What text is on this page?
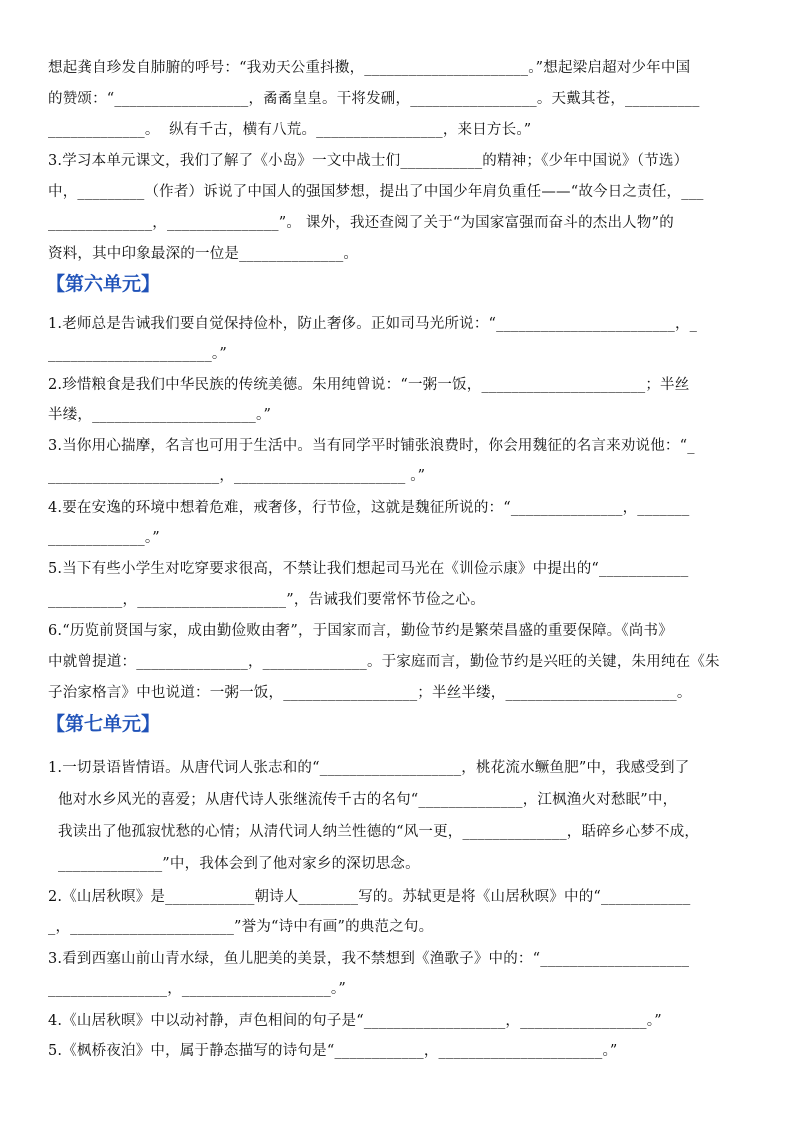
想起龚自珍发自肺腑的呼号：“我劝天公重抖擞，______________________。”想起梁启超对少年中国
的赞颂：“__________________，矞矞皇皇。干将发硎，_________________。天戴其苍，__________
_____________。  纵有千古，横有八荒。_________________，来日方长。”
3.学习本单元课文，我们了解了《小岛》一文中战士们___________的精神；《少年中国说》（节选）
中，_________（作者）诉说了中国人的强国梦想，提出了中国少年肩负重任——“故今日之责任，___
______________，_______________”。 课外，我还查阅了关于“为国家富强而奋斗的杰出人物”的
资料，其中印象最深的一位是______________。
【第六单元】
1.老师总是告诫我们要自觉保持俭朴，防止奢侈。正如司马光所说：“________________________，_
______________________。”
2.珍惜粮食是我们中华民族的传统美德。朱用纯曾说：“一粥一饭，______________________；半丝
半缕，______________________。”
3.当你用心揣摩，名言也可用于生活中。当有同学平时铺张浪费时，你会用魏征的名言来劝说他：“_
_______________________，_______________________ 。”
4.要在安逸的环境中想着危难，戒奢侈，行节俭，这就是魏征所说的：“_______________，_______
_____________。”
5.当下有些小学生对吃穿要求很高，不禁让我们想起司马光在《训俭示康》中提出的“____________
__________，____________________”，告诫我们要常怀节俭之心。
6.“历览前贤国与家，成由勤俭败由奢”，于国家而言，勤俭节约是繁荣昌盛的重要保障。《尚书》
中就曾提道：_______________，______________。于家庭而言，勤俭节约是兴旺的关键，朱用纯在《朱
子治家格言》中也说道：一粥一饭，__________________；半丝半缕，_______________________。
【第七单元】
1.一切景语皆情语。从唐代词人张志和的“___________________，桃花流水鳜鱼肥”中，我感受到了
他对水乡风光的喜爱；从唐代诗人张继流传千古的名句“______________，江枫渔火对愁眠”中，
我读出了他孤寂忧愁的心情；从清代词人纳兰性德的“风一更，______________，聒碎乡心梦不成，
______________”中，我体会到了他对家乡的深切思念。
2.《山居秋暝》是____________朝诗人________写的。苏轼更是将《山居秋暝》中的“____________
_，______________________”誉为“诗中有画”的典范之句。
3.看到西塞山前山青水绿，鱼儿肥美的美景，我不禁想到《渔歌子》中的：“____________________
________________，____________________。”
4.《山居秋暝》中以动衬静，声色相间的句子是“___________________，_________________。”
5.《枫桥夜泊》中，属于静态描写的诗句是“____________，______________________。”
